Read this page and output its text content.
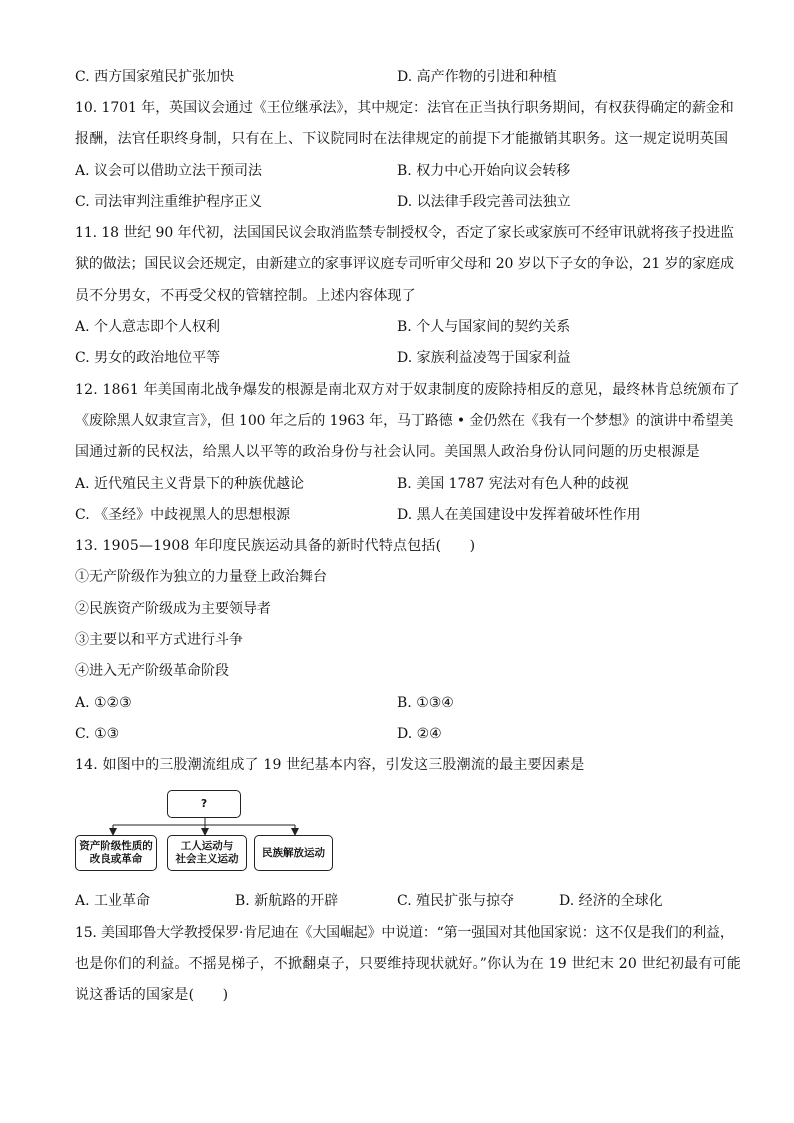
C. 西方国家殖民扩张加快	D. 高产作物的引进和种植
10. 1701 年，英国议会通过《王位继承法》，其中规定：法官在正当执行职务期间，有权获得确定的薪金和
报酬，法官任职终身制，只有在上、下议院同时在法律规定的前提下才能撤销其职务。这一规定说明英国
A. 议会可以借助立法干预司法	B. 权力中心开始向议会转移
C. 司法审判注重维护程序正义	D. 以法律手段完善司法独立
11. 18 世纪 90 年代初，法国国民议会取消监禁专制授权令，否定了家长或家族可不经审讯就将孩子投进监
狱的做法；国民议会还规定，由新建立的家事评议庭专司听审父母和 20 岁以下子女的争讼，21 岁的家庭成
员不分男女，不再受父权的管辖控制。上述内容体现了
A. 个人意志即个人权利	B. 个人与国家间的契约关系
C. 男女的政治地位平等	D. 家族利益凌驾于国家利益
12. 1861 年美国南北战争爆发的根源是南北双方对于奴隶制度的废除持相反的意见，最终林肯总统颁布了
《废除黑人奴隶宣言》，但 100 年之后的 1963 年，马丁路德 • 金仍然在《我有一个梦想》的演讲中希望美
国通过新的民权法，给黑人以平等的政治身份与社会认同。美国黑人政治身份认同问题的历史根源是
A. 近代殖民主义背景下的种族优越论	B. 美国 1787 宪法对有色人种的歧视
C. 《圣经》中歧视黑人的思想根源	D. 黑人在美国建设中发挥着破坏性作用
13. 1905—1908 年印度民族运动具备的新时代特点包括(　　)
①无产阶级作为独立的力量登上政治舞台
②民族资产阶级成为主要领导者
③主要以和平方式进行斗争
④进入无产阶级革命阶段
A. ①②③	B. ①③④
C. ①③	D. ②④
14. 如图中的三股潮流组成了 19 世纪基本内容，引发这三股潮流的最主要因素是
?
资产阶级性质的
改良或革命
工人运动与
社会主义运动
民族解放运动
A. 工业革命	B. 新航路的开辟	C. 殖民扩张与掠夺	D. 经济的全球化
15. 美国耶鲁大学教授保罗·肯尼迪在《大国崛起》中说道：“第一强国对其他国家说：这不仅是我们的利益，
也是你们的利益。不摇晃梯子，不掀翻桌子，只要维持现状就好。”你认为在 19 世纪末 20 世纪初最有可能
说这番话的国家是(　　)
